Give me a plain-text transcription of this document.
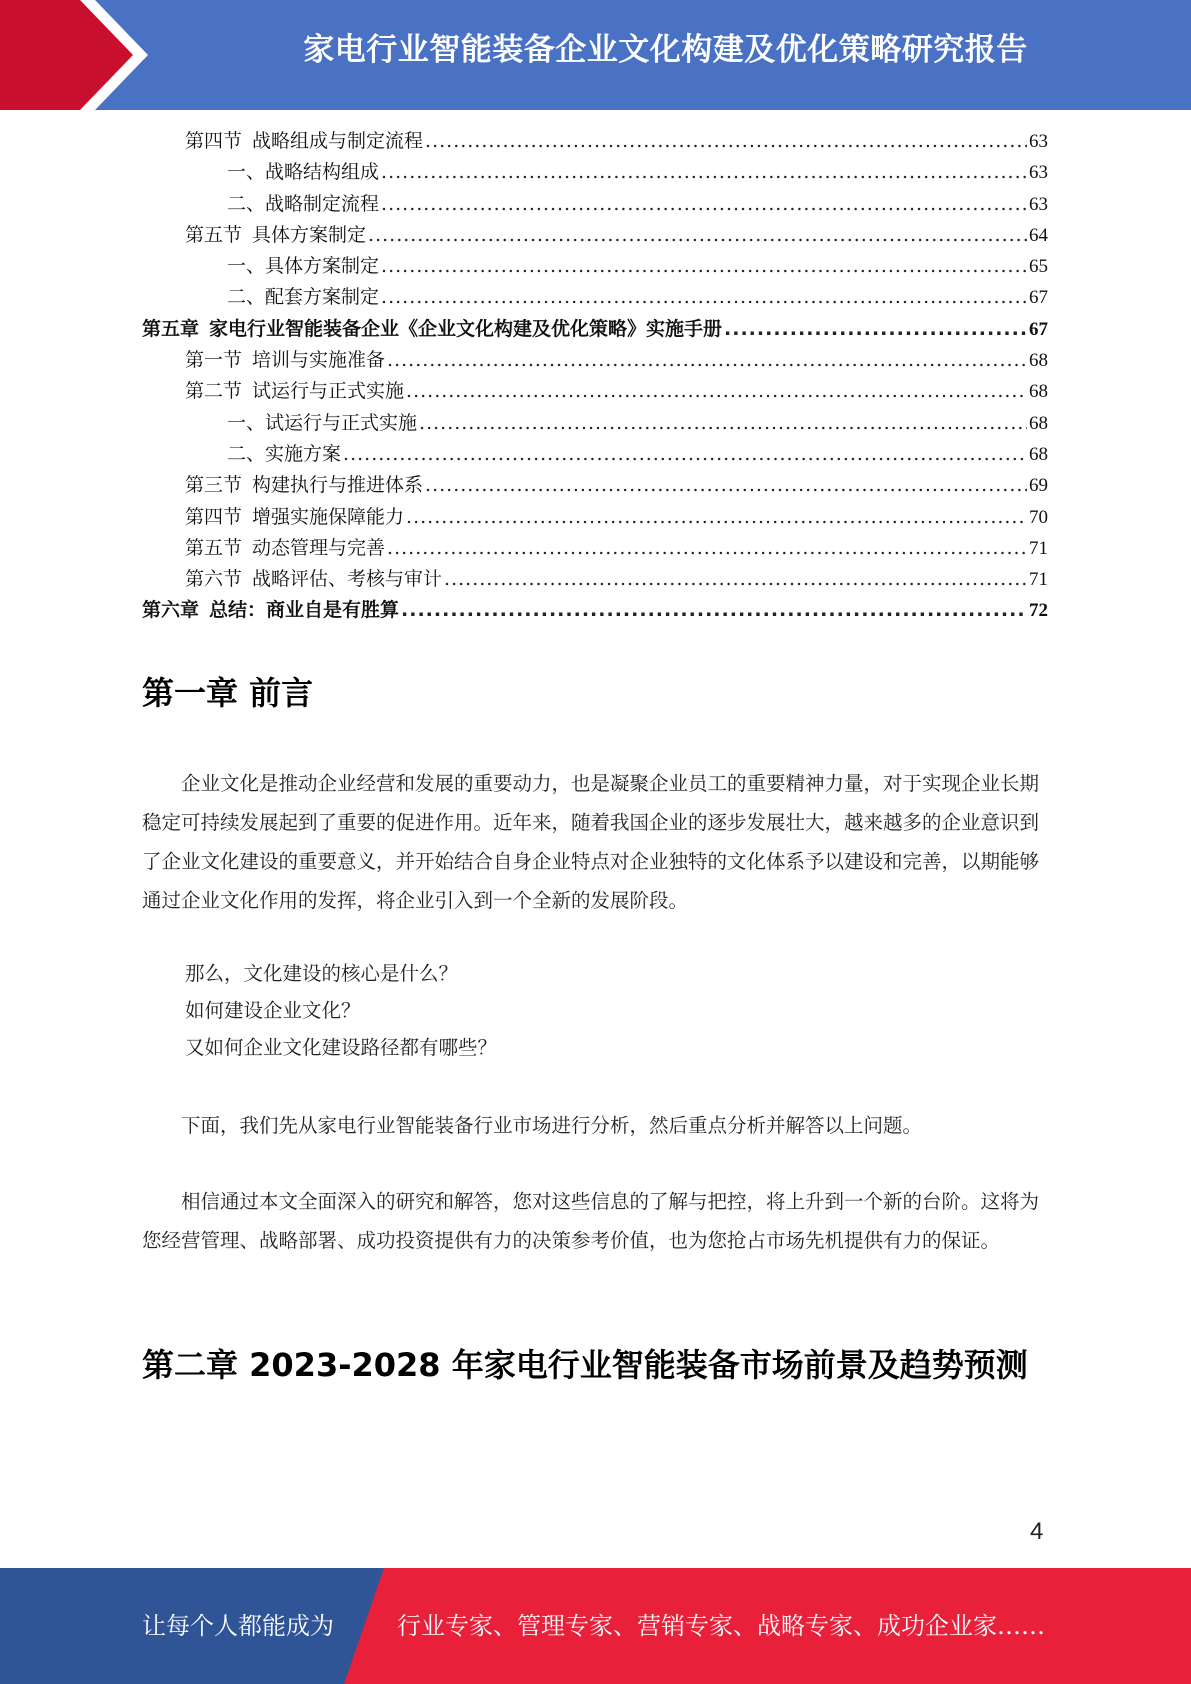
家电行业智能装备企业文化构建及优化策略研究报告
第四节 战略组成与制定流程 .....	63
一、 战略结构组成 .....	63
二、 战略制定流程 .....	63
第五节 具体方案制定 .....	64
一、 具体方案制定 .....	65
二、 配套方案制定 .....	67
第五章 家电行业智能装备企业《企业文化构建及优化策略》实施手册 .....	67
第一节 培训与实施准备 .....	68
第二节 试运行与正式实施 .....	68
一、 试运行与正式实施 .....	68
二、 实施方案 .....	68
第三节 构建执行与推进体系 .....	69
第四节 增强实施保障能力 .....	70
第五节 动态管理与完善 .....	71
第六节 战略评估、考核与审计 .....	71
第六章 总结：商业自是有胜算 .....	72
第一章 前言

企业文化是推动企业经营和发展的重要动力，也是凝聚企业员工的重要精神力量，对于实现企业长期稳定可持续发展起到了重要的促进作用。近年来，随着我国企业的逐步发展壮大，越来越多的企业意识到了企业文化建设的重要意义，并开始结合自身企业特点对企业独特的文化体系予以建设和完善，以期能够通过企业文化作用的发挥，将企业引入到一个全新的发展阶段。

那么，文化建设的核心是什么？
如何建设企业文化？
又如何企业文化建设路径都有哪些？

下面，我们先从家电行业智能装备行业市场进行分析，然后重点分析并解答以上问题。

相信通过本文全面深入的研究和解答，您对这些信息的了解与把控，将上升到一个新的台阶。这将为您经营管理、战略部署、成功投资提供有力的决策参考价值，也为您抢占市场先机提供有力的保证。

第二章 2023-2028 年家电行业智能装备市场前景及趋势预测
4
让每个人都能成为	行业专家、管理专家、营销专家、战略专家、成功企业家……
